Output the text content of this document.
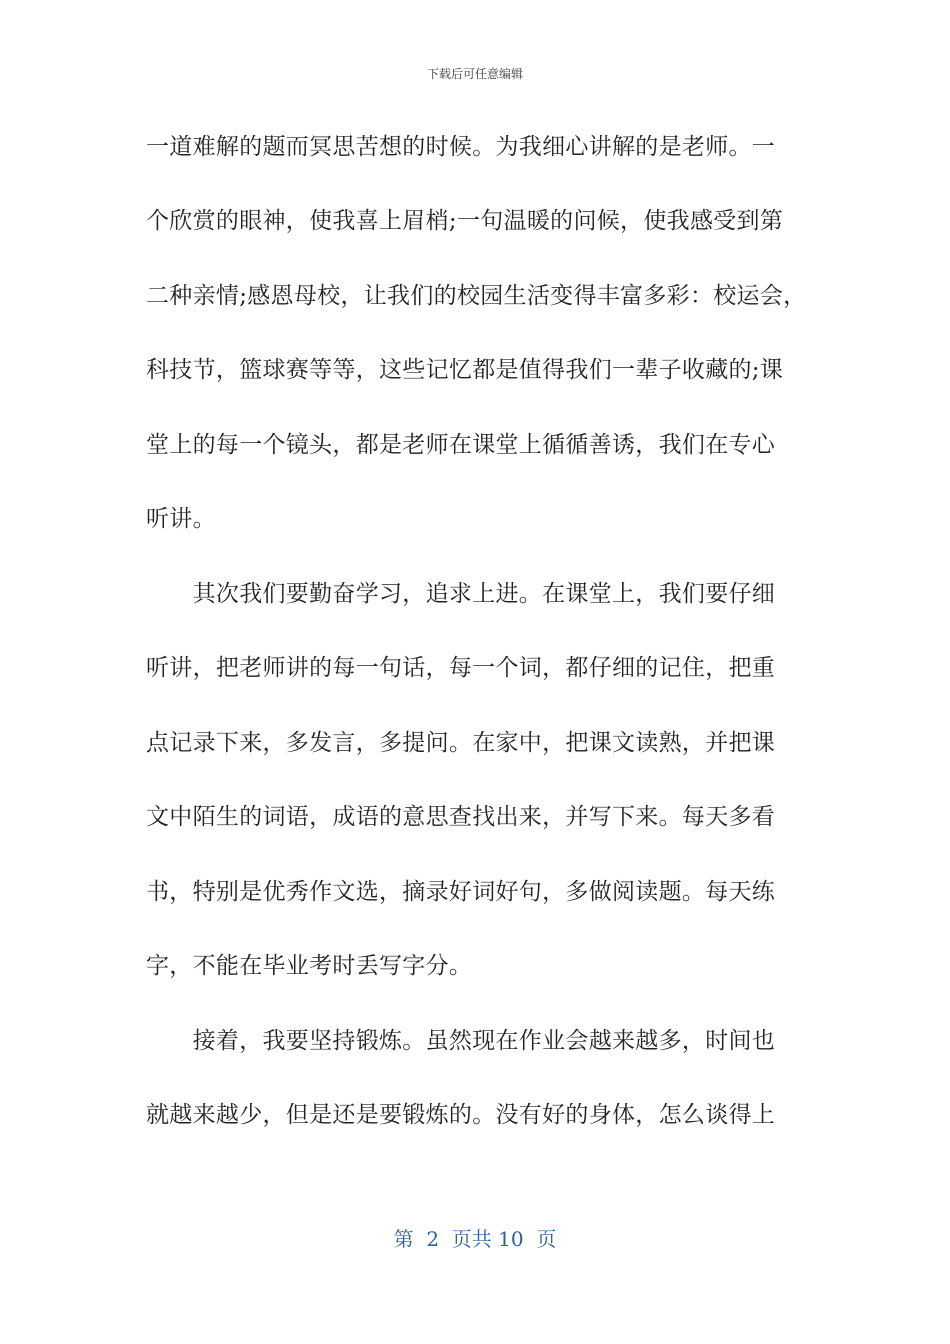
下载后可任意编辑
一道难解的题而冥思苦想的时候。为我细心讲解的是老师。一
个欣赏的眼神，使我喜上眉梢;一句温暖的问候，使我感受到第
二种亲情;感恩母校，让我们的校园生活变得丰富多彩：校运会，
科技节，篮球赛等等，这些记忆都是值得我们一辈子收藏的;课
堂上的每一个镜头，都是老师在课堂上循循善诱，我们在专心
听讲。
　　其次我们要勤奋学习，追求上进。在课堂上，我们要仔细
听讲，把老师讲的每一句话，每一个词，都仔细的记住，把重
点记录下来，多发言，多提问。在家中，把课文读熟，并把课
文中陌生的词语，成语的意思查找出来，并写下来。每天多看
书，特别是优秀作文选，摘录好词好句，多做阅读题。每天练
字，不能在毕业考时丢写字分。
　　接着，我要坚持锻炼。虽然现在作业会越来越多，时间也
就越来越少，但是还是要锻炼的。没有好的身体，怎么谈得上
第  2  页共 10  页
